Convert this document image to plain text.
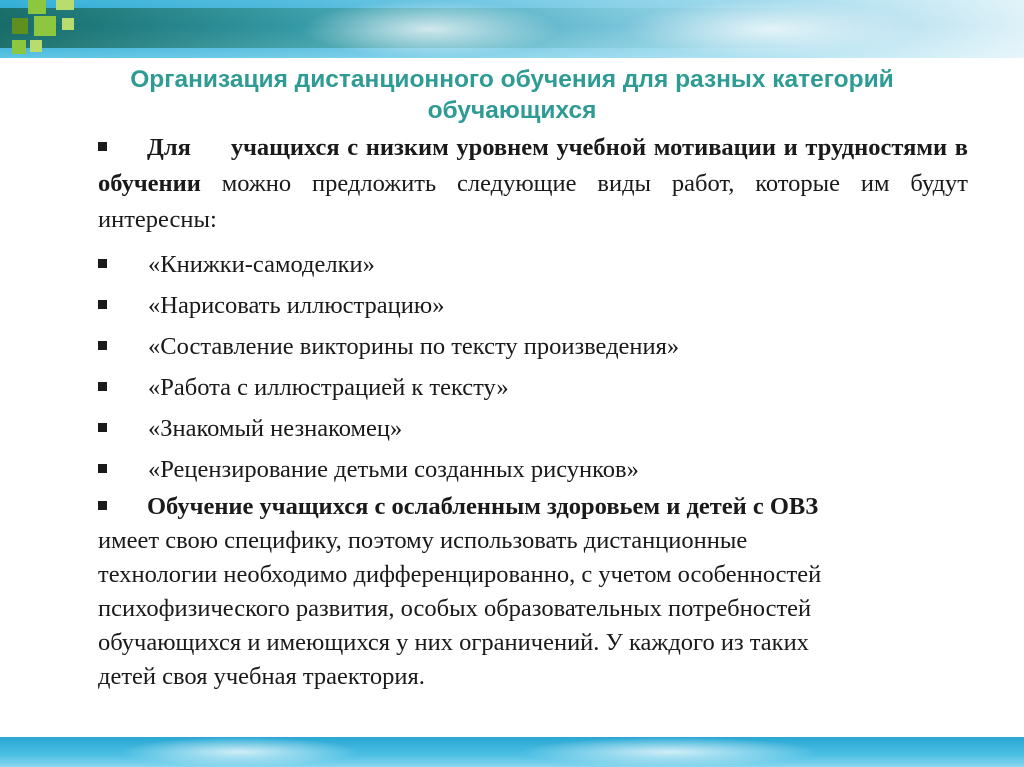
Организация дистанционного обучения для разных категорий
обучающихся

Для учащихся с низким уровнем учебной мотивации и трудностями в обучении можно предложить следующие виды работ, которые им будут интересны:

«Книжки-самоделки»
«Нарисовать иллюстрацию»
«Составление викторины по тексту произведения»
«Работа с иллюстрацией к тексту»
«Знакомый незнакомец»
«Рецензирование детьми созданных рисунков»
Обучение учащихся с ослабленным здоровьем и детей с ОВЗ
имеет свою специфику, поэтому использовать дистанционные
технологии необходимо дифференцированно, с учетом особенностей
психофизического развития, особых образовательных потребностей
обучающихся и имеющихся у них ограничений. У каждого из таких
детей своя учебная траектория.
